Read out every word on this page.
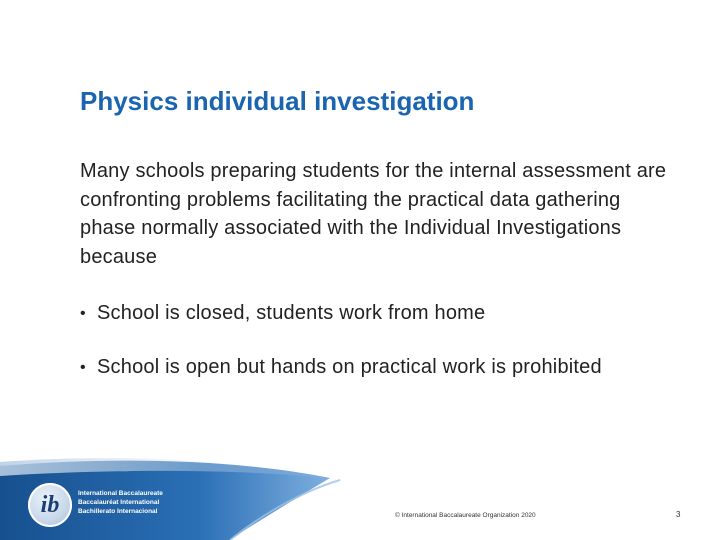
Physics individual investigation
Many schools preparing students for the internal assessment are confronting problems facilitating the practical data gathering phase normally associated with the Individual Investigations because
• School is closed, students work from home
• School is open but hands on practical work is prohibited
ib	International Baccalaureate
Baccalauréat International
Bachillerato Internacional
© International Baccalaureate Organization 2020	3
